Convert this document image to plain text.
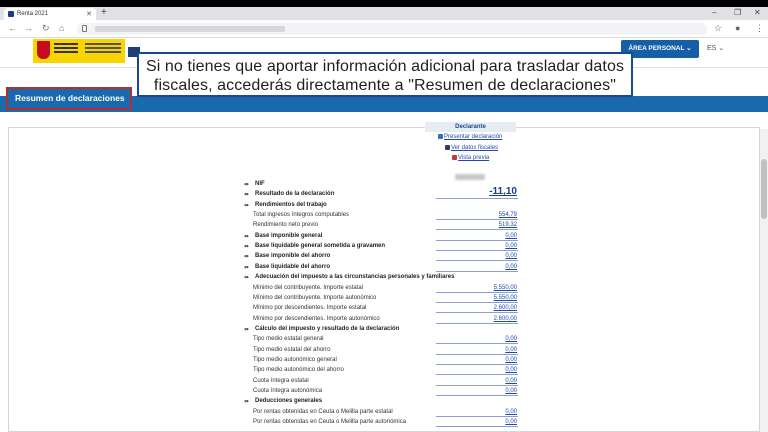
Renta 2021	✕ +	– ❐ ✕
← → ↻ ⌂	☆ ● ⋮
ÁREA PERSONAL ⌄	ES ⌄
Resumen de declaraciones
Declarante
Presentar declaración
Ver datos fiscales
Vista previa
⬌ NIF
⬌ Resultado de la declaración	-11,10
⬌ Rendimientos del trabajo
Total ingresos íntegros computables	554,79
Rendimiento neto previo	519,32
⬌ Base imponible general	0,00
⬌ Base liquidable general sometida a gravamen	0,00
⬌ Base imponible del ahorro	0,00
⬌ Base liquidable del ahorro	0,00
⬌ Adecuación del impuesto a las circunstancias personales y familiares
Mínimo del contribuyente. Importe estatal	5.550,00
Mínimo del contribuyente. Importe autonómico	5.550,00
Mínimo por descendientes. Importe estatal	2.600,00
Mínimo por descendientes. Importe autonómico	2.600,00
⬌ Cálculo del impuesto y resultado de la declaración
Tipo medio estatal general	0,00
Tipo medio estatal del ahorro	0,00
Tipo medio autonómico general	0,00
Tipo medio autonómico del ahorro	0,00
Cuota íntegra estatal	0,00
Cuota íntegra autonómica	0,00
⬌ Deducciones generales
Por rentas obtenidas en Ceuta o Melilla parte estatal	0,00
Por rentas obtenidas en Ceuta o Melilla parte autonómica	0,00
Si no tienes que aportar información adicional para trasladar datos
fiscales, accederás directamente a "Resumen de declaraciones"
